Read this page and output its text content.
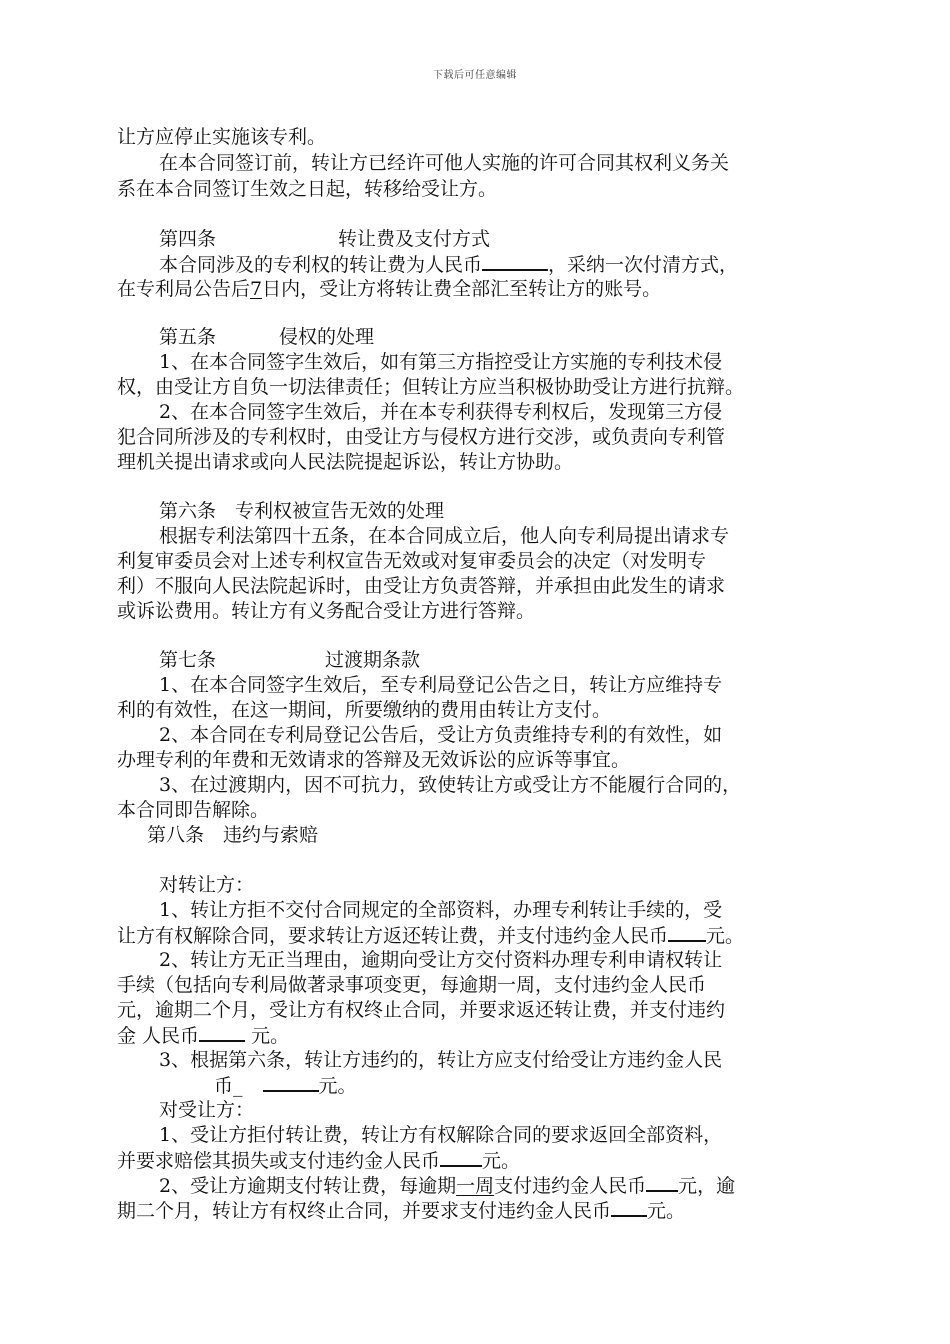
下载后可任意编辑
让方应停止实施该专利。
在本合同签订前，转让方已经许可他人实施的许可合同其权利义务关
系在本合同签订生效之日起，转移给受让方。
第四条	转让费及支付方式
本合同涉及的专利权的转让费为人民币	，采纳一次付清方式，
在专利局公告后7日内，受让方将转让费全部汇至转让方的账号。
第五条	侵权的处理
1、在本合同签字生效后，如有第三方指控受让方实施的专利技术侵
权，由受让方自负一切法律责任；但转让方应当积极协助受让方进行抗辩。
2、在本合同签字生效后，并在本专利获得专利权后，发现第三方侵
犯合同所涉及的专利权时，由受让方与侵权方进行交涉，或负责向专利管
理机关提出请求或向人民法院提起诉讼，转让方协助。
第六条　专利权被宣告无效的处理
根据专利法第四十五条，在本合同成立后，他人向专利局提出请求专
利复审委员会对上述专利权宣告无效或对复审委员会的决定（对发明专
利）不服向人民法院起诉时，由受让方负责答辩，并承担由此发生的请求
或诉讼费用。转让方有义务配合受让方进行答辩。
第七条	过渡期条款
1、在本合同签字生效后，至专利局登记公告之日，转让方应维持专
利的有效性，在这一期间，所要缴纳的费用由转让方支付。
2、本合同在专利局登记公告后，受让方负责维持专利的有效性，如
办理专利的年费和无效请求的答辩及无效诉讼的应诉等事宜。
3、在过渡期内，因不可抗力，致使转让方或受让方不能履行合同的，
本合同即告解除。
第八条　违约与索赔
对转让方：
1、转让方拒不交付合同规定的全部资料，办理专利转让手续的，受
让方有权解除合同，要求转让方返还转让费，并支付违约金人民币 元。
2、转让方无正当理由，逾期向受让方交付资料办理专利申请权转让
手续（包括向专利局做著录事项变更，每逾期一周，支付违约金人民币
元，逾期二个月，受让方有权终止合同，并要求返还转让费，并支付违约
金 人民币 元。
3、根据第六条，转让方违约的，转让方应支付给受让方违约金人民
币_	元。
对受让方：
1、受让方拒付转让费，转让方有权解除合同的要求返回全部资料，
并要求赔偿其损失或支付违约金人民币 元。
2、受让方逾期支付转让费，每逾期一周支付违约金人民币 元，逾
期二个月，转让方有权终止合同，并要求支付违约金人民币 元。
